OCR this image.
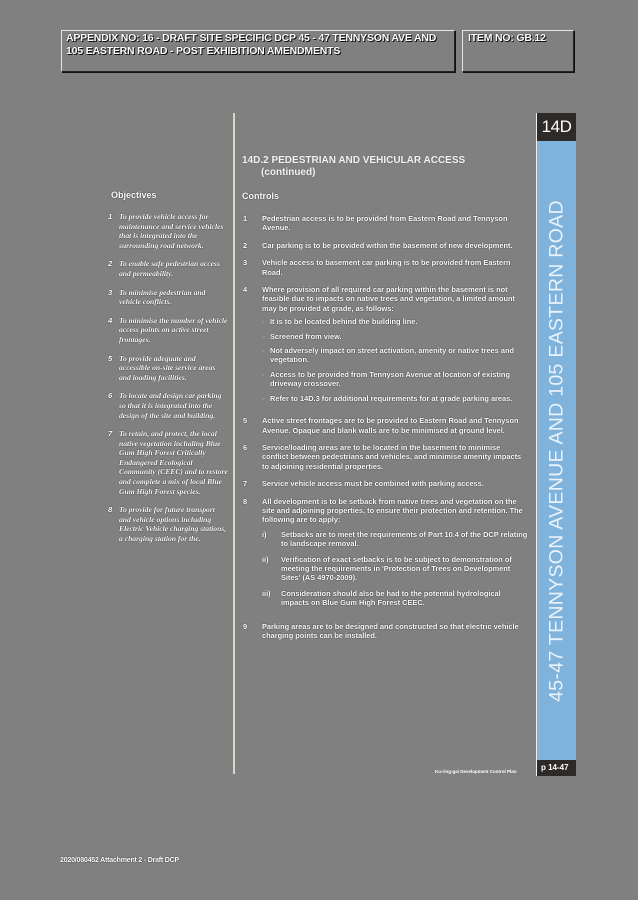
APPENDIX NO: 16 - DRAFT SITE SPECIFIC DCP 45 - 47 TENNYSON AVE AND 105 EASTERN ROAD - POST EXHIBITION AMENDMENTS
ITEM NO: GB.12
14D.2 PEDESTRIAN AND VEHICULAR ACCESS
(continued)
Objectives	Controls
1 To provide vehicle access for maintenance and service vehicles that is integrated into the surrounding road network.
2 To enable safe pedestrian access and permeability.
3 To minimise pedestrian and vehicle conflicts.
4 To minimise the number of vehicle access points on active street frontages.
5 To provide adequate and accessible on-site service areas and loading facilities.
6 To locate and design car parking so that it is integrated into the design of the site and building.
7 To retain, and protect, the local native vegetation including Blue Gum High Forest Critically Endangered Ecological Community (CEEC) and to restore and complete a mix of local Blue Gum High Forest species.
8 To provide for future transport and vehicle options including Electric Vehicle charging stations, a charging station for the.
1	Pedestrian access is to be provided from Eastern Road and Tennyson Avenue.
2	Car parking is to be provided within the basement of new development.
3	Vehicle access to basement car parking is to be provided from Eastern Road.
4	Where provision of all required car parking within the basement is not feasible due to impacts on native trees and vegetation, a limited amount may be provided at grade, as follows:
◦ It is to be located behind the building line.
◦ Screened from view.
◦ Not adversely impact on street activation, amenity or native trees and vegetation.
◦ Access to be provided from Tennyson Avenue at location of existing driveway crossover.
◦ Refer to 14D.3 for additional requirements for at grade parking areas.
5	Active street frontages are to be provided to Eastern Road and Tennyson Avenue. Opaque and blank walls are to be minimised at ground level.
6	Service/loading areas are to be located in the basement to minimise conflict between pedestrians and vehicles, and minimise amenity impacts to adjoining residential properties.
7	Service vehicle access must be combined with parking access.
8	All development is to be setback from native trees and vegetation on the site and adjoining properties, to ensure their protection and retention. The following are to apply:
i)	Setbacks are to meet the requirements of Part 10.4 of the DCP relating to landscape removal.
ii)	Verification of exact setbacks is to be subject to demonstration of meeting the requirements in 'Protection of Trees on Development Sites' (AS 4970-2009).
iii)	Consideration should also be had to the potential hydrological impacts on Blue Gum High Forest CEEC.
9	Parking areas are to be designed and constructed so that electric vehicle charging points can be installed.
14D
45-47 TENNYSON AVENUE AND 105 EASTERN ROAD
p 14-47
Ku-ring-gai Development Control Plan
2020/080452 Attachment 2 - Draft DCP
